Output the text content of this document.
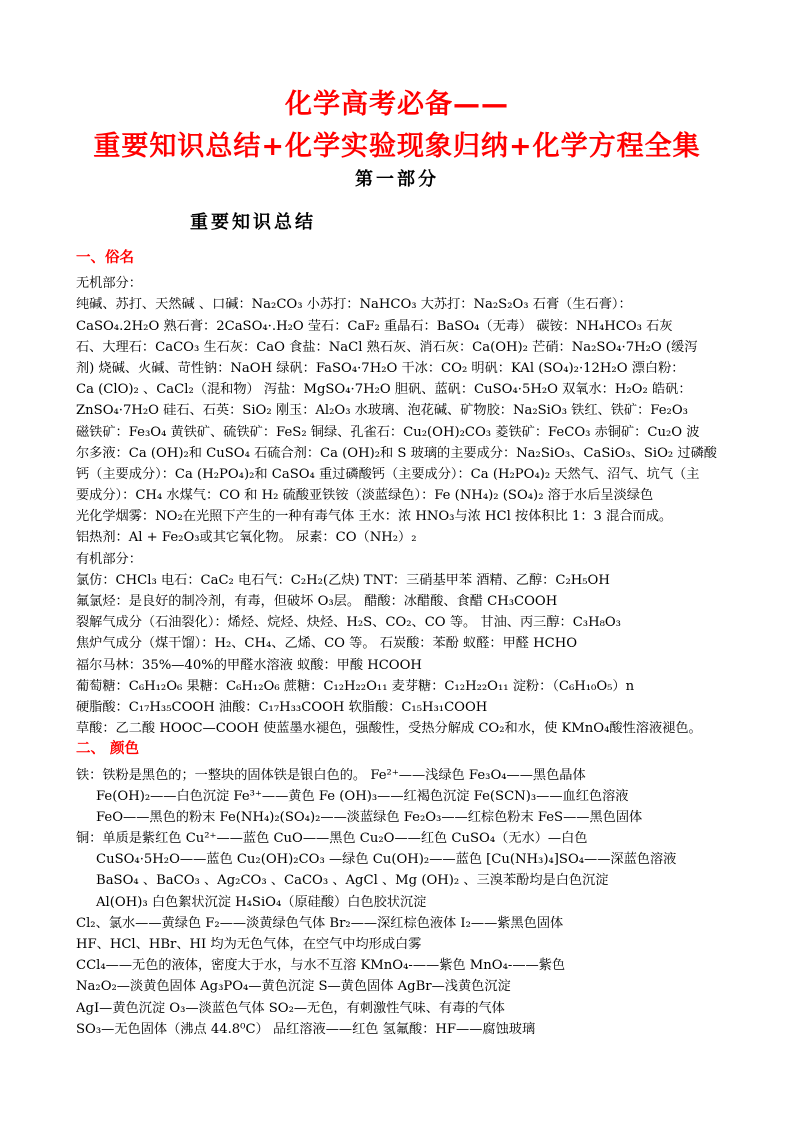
化学高考必备——
重要知识总结+化学实验现象归纳+化学方程全集
第一部分
重要知识总结
一、俗名
无机部分：
纯碱、苏打、天然碱 、口碱：Na₂CO₃ 小苏打：NaHCO₃ 大苏打：Na₂S₂O₃ 石膏（生石膏）：
CaSO₄.2H₂O 熟石膏：2CaSO₄·.H₂O 莹石：CaF₂ 重晶石：BaSO₄（无毒） 碳铵：NH₄HCO₃ 石灰
石、大理石：CaCO₃ 生石灰：CaO 食盐：NaCl 熟石灰、消石灰：Ca(OH)₂ 芒硝：Na₂SO₄·7H₂O (缓泻
剂) 烧碱、火碱、苛性钠：NaOH 绿矾：FaSO₄·7H₂O 干冰：CO₂ 明矾：KAl (SO₄)₂·12H₂O 漂白粉：
Ca (ClO)₂ 、CaCl₂（混和物） 泻盐：MgSO₄·7H₂O 胆矾、蓝矾：CuSO₄·5H₂O 双氧水：H₂O₂ 皓矾：
ZnSO₄·7H₂O 硅石、石英：SiO₂ 刚玉：Al₂O₃ 水玻璃、泡花碱、矿物胶：Na₂SiO₃ 铁红、铁矿：Fe₂O₃
磁铁矿：Fe₃O₄ 黄铁矿、硫铁矿：FeS₂ 铜绿、孔雀石：Cu₂(OH)₂CO₃ 菱铁矿：FeCO₃ 赤铜矿：Cu₂O 波
尔多液：Ca (OH)₂和 CuSO₄ 石硫合剂：Ca (OH)₂和 S 玻璃的主要成分：Na₂SiO₃、CaSiO₃、SiO₂ 过磷酸
钙（主要成分）：Ca (H₂PO₄)₂和 CaSO₄ 重过磷酸钙（主要成分）：Ca (H₂PO₄)₂ 天然气、沼气、坑气（主
要成分）：CH₄ 水煤气：CO 和 H₂ 硫酸亚铁铵（淡蓝绿色）：Fe (NH₄)₂ (SO₄)₂ 溶于水后呈淡绿色
光化学烟雾：NO₂在光照下产生的一种有毒气体 王水：浓 HNO₃与浓 HCl 按体积比 1：3 混合而成。
铝热剂：Al + Fe₂O₃或其它氧化物。 尿素：CO（NH₂）₂
有机部分：
氯仿：CHCl₃ 电石：CaC₂ 电石气：C₂H₂(乙炔) TNT：三硝基甲苯 酒精、乙醇：C₂H₅OH
氟氯烃：是良好的制冷剂，有毒，但破坏 O₃层。 醋酸：冰醋酸、食醋 CH₃COOH
裂解气成分（石油裂化）：烯烃、烷烃、炔烃、H₂S、CO₂、CO 等。 甘油、丙三醇：C₃H₈O₃
焦炉气成分（煤干馏）：H₂、CH₄、乙烯、CO 等。 石炭酸：苯酚 蚁醛：甲醛 HCHO
福尔马林：35%—40%的甲醛水溶液 蚁酸：甲酸 HCOOH
葡萄糖：C₆H₁₂O₆ 果糖：C₆H₁₂O₆ 蔗糖：C₁₂H₂₂O₁₁ 麦芽糖：C₁₂H₂₂O₁₁ 淀粉：（C₆H₁₀O₅）n
硬脂酸：C₁₇H₃₅COOH 油酸：C₁₇H₃₃COOH 软脂酸：C₁₅H₃₁COOH
草酸：乙二酸 HOOC—COOH 使蓝墨水褪色，强酸性，受热分解成 CO₂和水，使 KMnO₄酸性溶液褪色。
二、 颜色
铁：铁粉是黑色的；一整块的固体铁是银白色的。 Fe²⁺——浅绿色 Fe₃O₄——黑色晶体
Fe(OH)₂——白色沉淀 Fe³⁺——黄色 Fe (OH)₃——红褐色沉淀 Fe(SCN)₃——血红色溶液
FeO——黑色的粉末 Fe(NH₄)₂(SO₄)₂——淡蓝绿色 Fe₂O₃——红棕色粉末 FeS——黑色固体
铜：单质是紫红色 Cu²⁺——蓝色 CuO——黑色 Cu₂O——红色 CuSO₄（无水）—白色
CuSO₄·5H₂O——蓝色 Cu₂(OH)₂CO₃ —绿色 Cu(OH)₂——蓝色 [Cu(NH₃)₄]SO₄——深蓝色溶液
BaSO₄ 、BaCO₃ 、Ag₂CO₃ 、CaCO₃ 、AgCl 、Mg (OH)₂ 、三溴苯酚均是白色沉淀
Al(OH)₃ 白色絮状沉淀 H₄SiO₄（原硅酸）白色胶状沉淀
Cl₂、氯水——黄绿色 F₂——淡黄绿色气体 Br₂——深红棕色液体 I₂——紫黑色固体
HF、HCl、HBr、HI 均为无色气体，在空气中均形成白雾
CCl₄——无色的液体，密度大于水，与水不互溶 KMnO₄-——紫色 MnO₄-——紫色
Na₂O₂—淡黄色固体 Ag₃PO₄—黄色沉淀 S—黄色固体 AgBr—浅黄色沉淀
AgI—黄色沉淀 O₃—淡蓝色气体 SO₂—无色，有刺激性气味、有毒的气体
SO₃—无色固体（沸点 44.8⁰C） 品红溶液——红色 氢氟酸：HF——腐蚀玻璃
